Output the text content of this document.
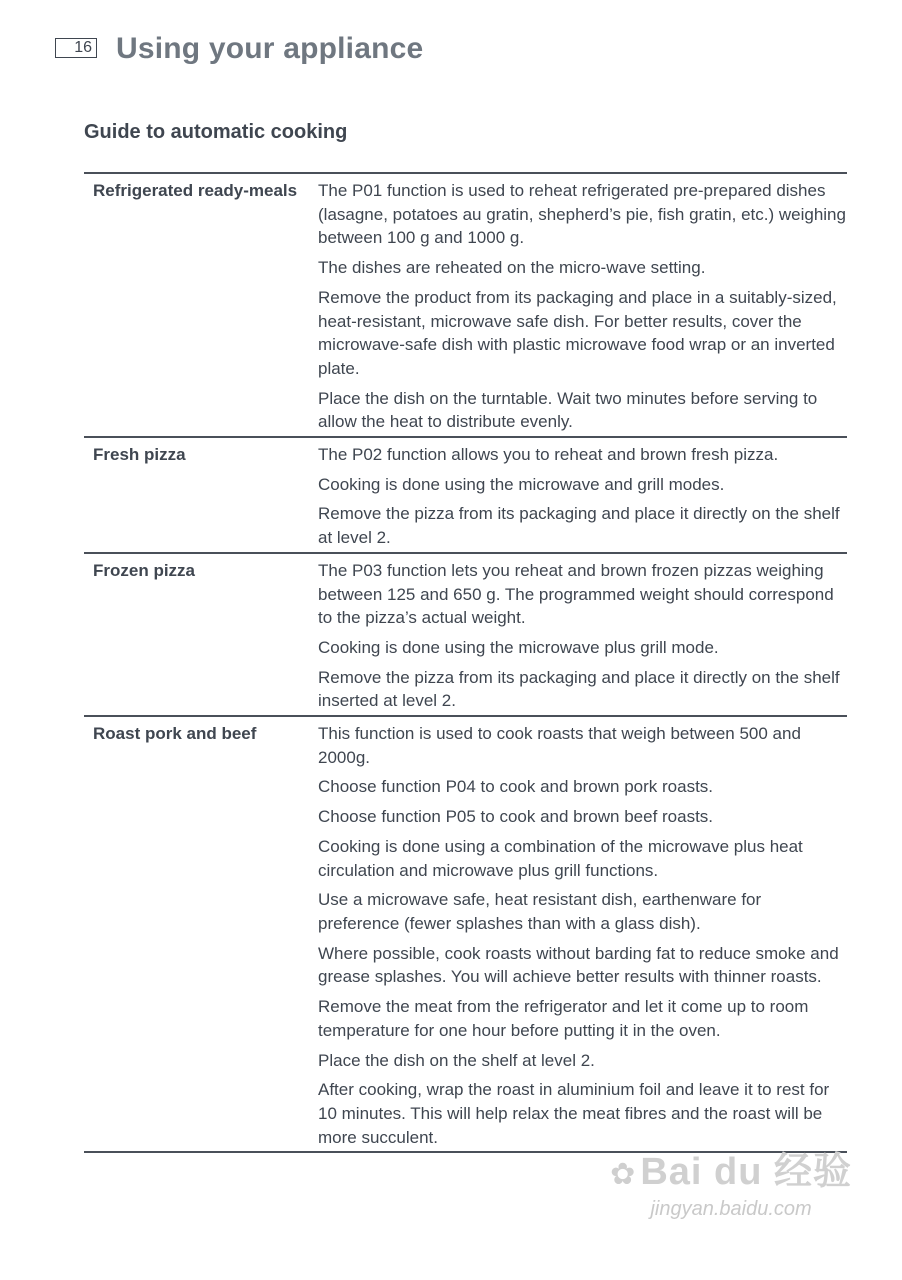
16 Using your appliance
Guide to automatic cooking
Refrigerated ready-meals	The P01 function is used to reheat refrigerated pre-prepared dishes (lasagne, potatoes au gratin, shepherd’s pie, fish gratin, etc.) weighing between 100 g and 1000 g.

The dishes are reheated on the micro-wave setting.

Remove the product from its packaging and place in a suitably-sized, heat-resistant, microwave safe dish. For better results, cover the microwave-safe dish with plastic microwave food wrap or an inverted plate.

Place the dish on the turntable. Wait two minutes before serving to allow the heat to distribute evenly.

Fresh pizza	The P02 function allows you to reheat and brown fresh pizza.

Cooking is done using the microwave and grill modes.

Remove the pizza from its packaging and place it directly on the shelf at level 2.

Frozen pizza	The P03 function lets you reheat and brown frozen pizzas weighing between 125 and 650 g. The programmed weight should correspond to the pizza’s actual weight.

Cooking is done using the microwave plus grill mode.

Remove the pizza from its packaging and place it directly on the shelf inserted at level 2.

Roast pork and beef	This function is used to cook roasts that weigh between 500 and 2000g.

Choose function P04 to cook and brown pork roasts.

Choose function P05 to cook and brown beef roasts.

Cooking is done using a combination of the microwave plus heat circulation and microwave plus grill functions.

Use a microwave safe, heat resistant dish, earthenware for preference (fewer splashes than with a glass dish).

Where possible, cook roasts without barding fat to reduce smoke and grease splashes. You will achieve better results with thinner roasts.

Remove the meat from the refrigerator and let it come up to room temperature for one hour before putting it in the oven.

Place the dish on the shelf at level 2.

After cooking, wrap the roast in aluminium foil and leave it to rest for 10 minutes. This will help relax the meat fibres and the roast will be more succulent.

✿ Bai du 经验
jingyan.baidu.com
